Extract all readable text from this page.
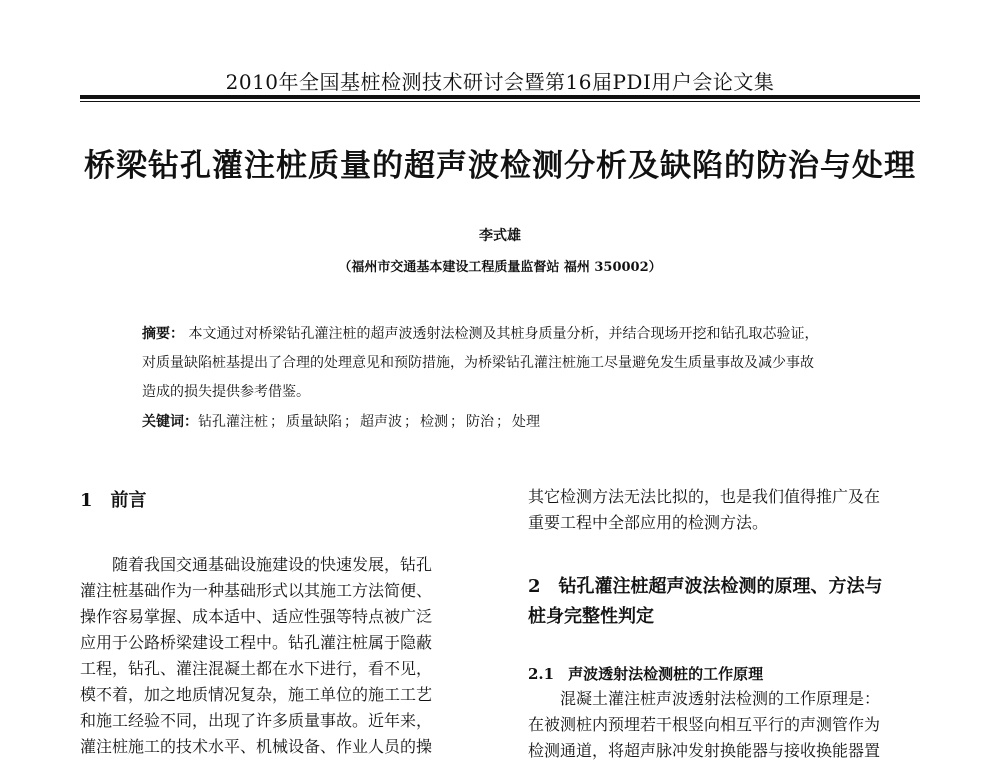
2010年全国基桩检测技术研讨会暨第16届PDI用户会论文集
桥梁钻孔灌注桩质量的超声波检测分析及缺陷的防治与处理
李式雄
（福州市交通基本建设工程质量监督站 福州 350002）
摘要： 本文通过对桥梁钻孔灌注桩的超声波透射法检测及其桩身质量分析，并结合现场开挖和钻孔取芯验证，
对质量缺陷桩基提出了合理的处理意见和预防措施，为桥梁钻孔灌注桩施工尽量避免发生质量事故及减少事故
造成的损失提供参考借鉴。
关键词：钻孔灌注桩 ； 质量缺陷 ； 超声波 ； 检测 ； 防治 ； 处理
1 前言
随着我国交通基础设施建设的快速发展，钻孔
灌注桩基础作为一种基础形式以其施工方法简便、
操作容易掌握、成本适中、适应性强等特点被广泛
应用于公路桥梁建设工程中。钻孔灌注桩属于隐蔽
工程，钻孔、灌注混凝土都在水下进行，看不见，
模不着，加之地质情况复杂，施工单位的施工工艺
和施工经验不同，出现了许多质量事故。近年来，
灌注桩施工的技术水平、机械设备、作业人员的操
其它检测方法无法比拟的，也是我们值得推广及在
重要工程中全部应用的检测方法。
2 钻孔灌注桩超声波法检测的原理、方法与
桩身完整性判定
2.1 声波透射法检测桩的工作原理
混凝土灌注桩声波透射法检测的工作原理是：
在被测桩内预埋若干根竖向相互平行的声测管作为
检测通道，将超声脉冲发射换能器与接收换能器置
